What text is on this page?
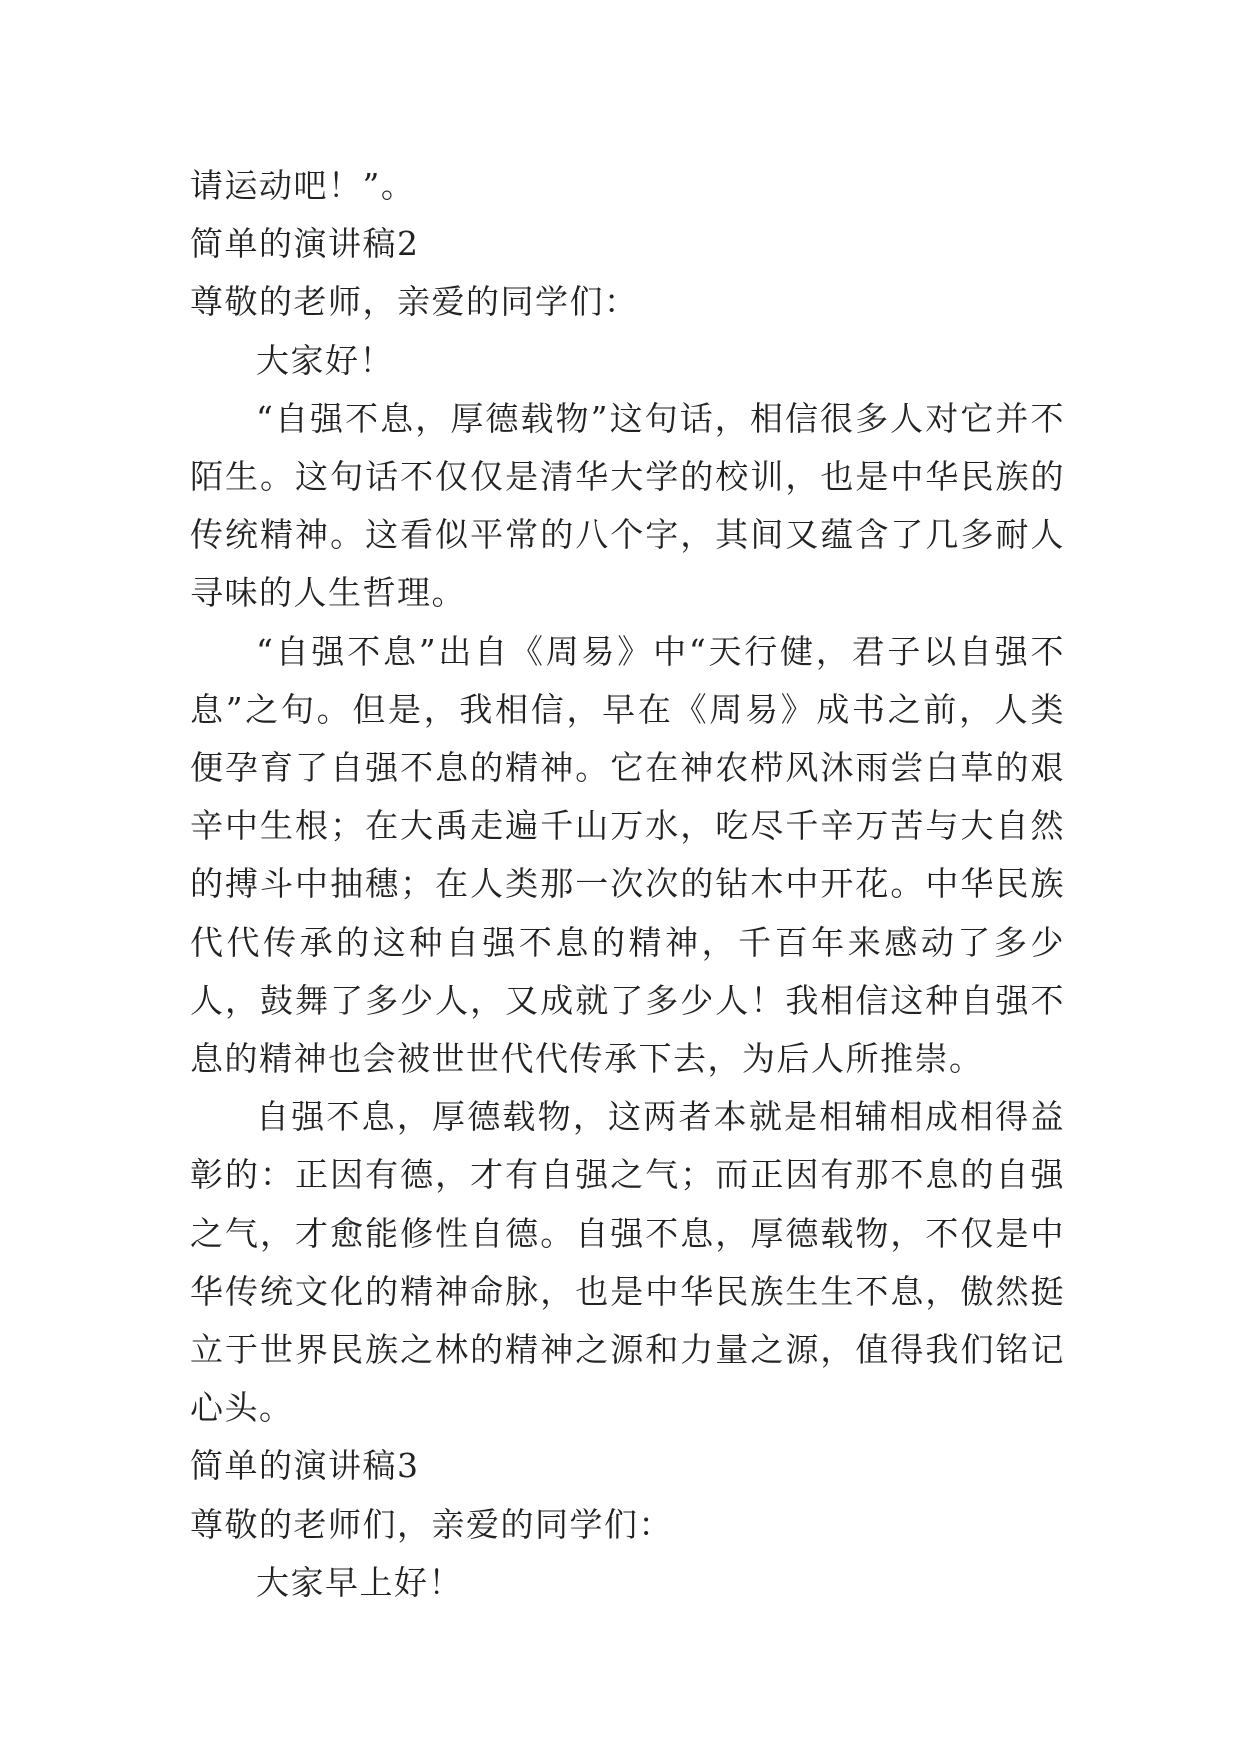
请运动吧！”。

简单的演讲稿2

尊敬的老师，亲爱的同学们：

大家好！

“自强不息，厚德载物”这句话，相信很多人对它并不陌生。这句话不仅仅是清华大学的校训，也是中华民族的传统精神。这看似平常的八个字，其间又蕴含了几多耐人寻味的人生哲理。

“自强不息”出自《周易》中“天行健，君子以自强不息”之句。但是，我相信，早在《周易》成书之前，人类便孕育了自强不息的精神。它在神农栉风沐雨尝白草的艰辛中生根；在大禹走遍千山万水，吃尽千辛万苦与大自然的搏斗中抽穗；在人类那一次次的钻木中开花。中华民族代代传承的这种自强不息的精神，千百年来感动了多少人，鼓舞了多少人，又成就了多少人！我相信这种自强不息的精神也会被世世代代传承下去，为后人所推崇。

自强不息，厚德载物，这两者本就是相辅相成相得益彰的：正因有德，才有自强之气；而正因有那不息的自强之气，才愈能修性自德。自强不息，厚德载物，不仅是中华传统文化的精神命脉，也是中华民族生生不息，傲然挺立于世界民族之林的精神之源和力量之源，值得我们铭记心头。

简单的演讲稿3

尊敬的老师们，亲爱的同学们：

大家早上好！
